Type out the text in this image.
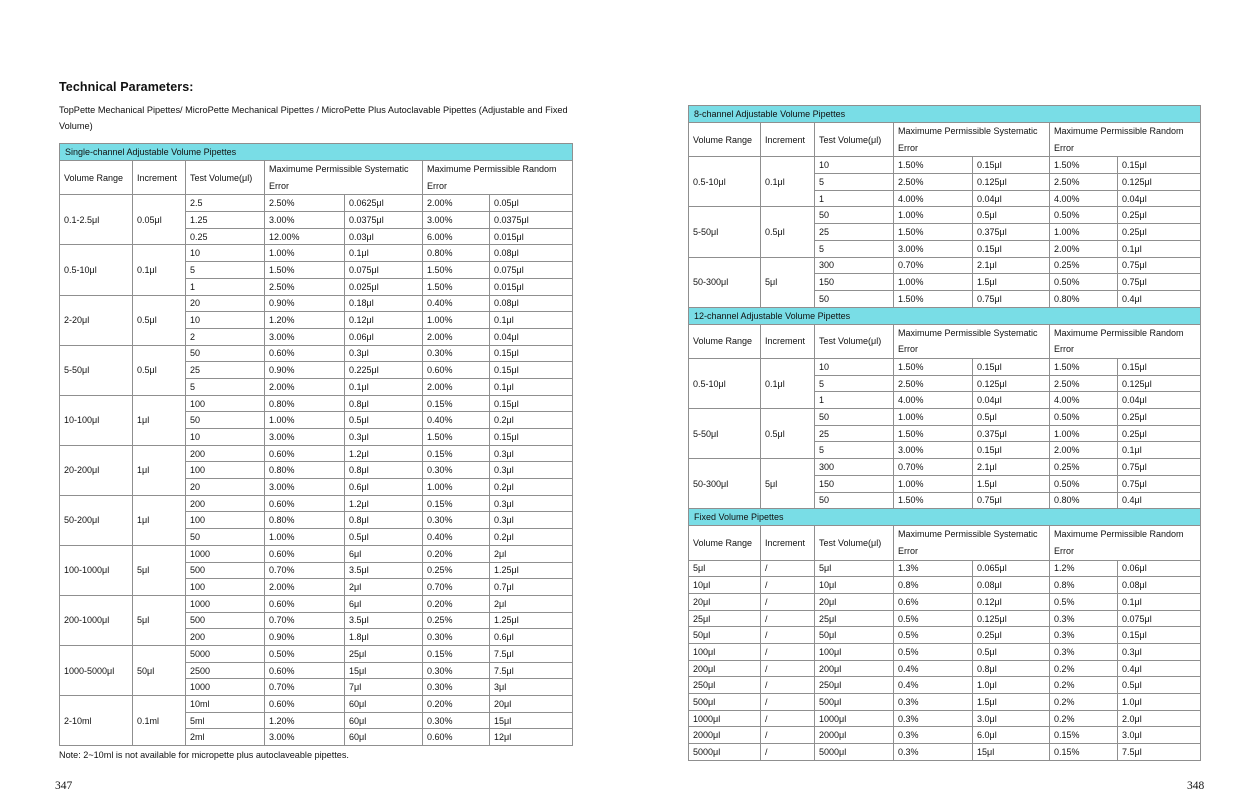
Technical Parameters:

TopPette Mechanical Pipettes/ MicroPette Mechanical Pipettes / MicroPette Plus Autoclavable Pipettes (Adjustable and Fixed Volume)

Single-channel Adjustable Volume Pipettes						
Volume Range	Increment	Test Volume(μl)	Maximume Permissible Systematic Error		Maximume Permissible Random Error	

0.1-2.5μl	0.05μl	2.5	2.50%	0.0625μl	2.00%	0.05μl
		1.25	3.00%	0.0375μl	3.00%	0.0375μl
		0.25	12.00%	0.03μl	6.00%	0.015μl
0.5-10μl	0.1μl	10	1.00%	0.1μl	0.80%	0.08μl
		5	1.50%	0.075μl	1.50%	0.075μl
		1	2.50%	0.025μl	1.50%	0.015μl
2-20μl	0.5μl	20	0.90%	0.18μl	0.40%	0.08μl
		10	1.20%	0.12μl	1.00%	0.1μl
		2	3.00%	0.06μl	2.00%	0.04μl
5-50μl	0.5μl	50	0.60%	0.3μl	0.30%	0.15μl
		25	0.90%	0.225μl	0.60%	0.15μl
		5	2.00%	0.1μl	2.00%	0.1μl
10-100μl	1μl	100	0.80%	0.8μl	0.15%	0.15μl
		50	1.00%	0.5μl	0.40%	0.2μl
		10	3.00%	0.3μl	1.50%	0.15μl
20-200μl	1μl	200	0.60%	1.2μl	0.15%	0.3μl
		100	0.80%	0.8μl	0.30%	0.3μl
		20	3.00%	0.6μl	1.00%	0.2μl
50-200μl	1μl	200	0.60%	1.2μl	0.15%	0.3μl
		100	0.80%	0.8μl	0.30%	0.3μl
		50	1.00%	0.5μl	0.40%	0.2μl
100-1000μl	5μl	1000	0.60%	6μl	0.20%	2μl
		500	0.70%	3.5μl	0.25%	1.25μl
		100	2.00%	2μl	0.70%	0.7μl
200-1000μl	5μl	1000	0.60%	6μl	0.20%	2μl
		500	0.70%	3.5μl	0.25%	1.25μl
		200	0.90%	1.8μl	0.30%	0.6μl
1000-5000μl	50μl	5000	0.50%	25μl	0.15%	7.5μl
		2500	0.60%	15μl	0.30%	7.5μl
		1000	0.70%	7μl	0.30%	3μl
2-10ml	0.1ml	10ml	0.60%	60μl	0.20%	20μl
		5ml	1.20%	60μl	0.30%	15μl
		2ml	3.00%	60μl	0.60%	12μl

Note: 2~10ml is not available for micropette plus autoclaveable pipettes.

347
8-channel Adjustable Volume Pipettes						
Volume Range	Increment	Test Volume(μl)	Maximume Permissible Systematic Error		Maximume Permissible Random Error	

0.5-10μl	0.1μl	10	1.50%	0.15μl	1.50%	0.15μl
		5	2.50%	0.125μl	2.50%	0.125μl
		1	4.00%	0.04μl	4.00%	0.04μl
5-50μl	0.5μl	50	1.00%	0.5μl	0.50%	0.25μl
		25	1.50%	0.375μl	1.00%	0.25μl
		5	3.00%	0.15μl	2.00%	0.1μl
50-300μl	5μl	300	0.70%	2.1μl	0.25%	0.75μl
		150	1.00%	1.5μl	0.50%	0.75μl
		50	1.50%	0.75μl	0.80%	0.4μl
12-channel Adjustable Volume Pipettes						
Volume Range	Increment	Test Volume(μl)	Maximume Permissible Systematic Error		Maximume Permissible Random Error	

0.5-10μl	0.1μl	10	1.50%	0.15μl	1.50%	0.15μl
		5	2.50%	0.125μl	2.50%	0.125μl
		1	4.00%	0.04μl	4.00%	0.04μl
5-50μl	0.5μl	50	1.00%	0.5μl	0.50%	0.25μl
		25	1.50%	0.375μl	1.00%	0.25μl
		5	3.00%	0.15μl	2.00%	0.1μl
50-300μl	5μl	300	0.70%	2.1μl	0.25%	0.75μl
		150	1.00%	1.5μl	0.50%	0.75μl
		50	1.50%	0.75μl	0.80%	0.4μl
Fixed Volume Pipettes						
Volume Range	Increment	Test Volume(μl)	Maximume Permissible Systematic Error		Maximume Permissible Random Error	

5μl	/	5μl	1.3%	0.065μl	1.2%	0.06μl
10μl	/	10μl	0.8%	0.08μl	0.8%	0.08μl
20μl	/	20μl	0.6%	0.12μl	0.5%	0.1μl
25μl	/	25μl	0.5%	0.125μl	0.3%	0.075μl
50μl	/	50μl	0.5%	0.25μl	0.3%	0.15μl
100μl	/	100μl	0.5%	0.5μl	0.3%	0.3μl
200μl	/	200μl	0.4%	0.8μl	0.2%	0.4μl
250μl	/	250μl	0.4%	1.0μl	0.2%	0.5μl
500μl	/	500μl	0.3%	1.5μl	0.2%	1.0μl
1000μl	/	1000μl	0.3%	3.0μl	0.2%	2.0μl
2000μl	/	2000μl	0.3%	6.0μl	0.15%	3.0μl
5000μl	/	5000μl	0.3%	15μl	0.15%	7.5μl
348
